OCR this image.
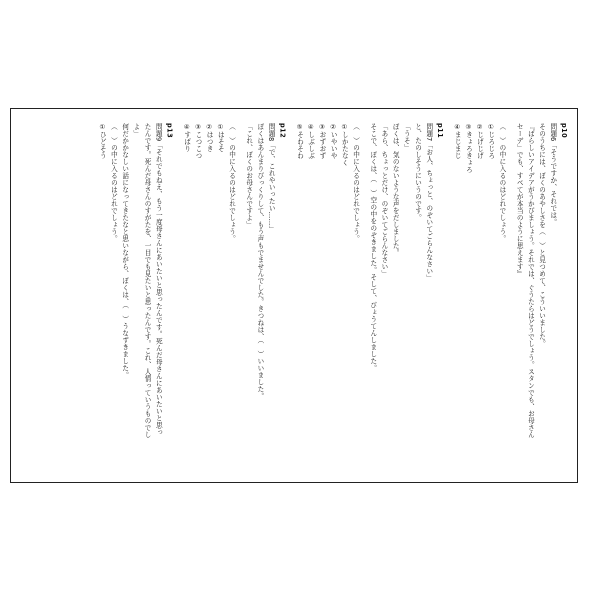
p10
問題6「そうですか、それでは。
そのうちには、ぼくのあやしさを（　）と見つめて、こういいました。
『ばらしいアイデアがうかびましょう。それでは、ぐうたらはどうでしょう。スタンでも、お母さん
セーデ」でも、すべてが本当のように思えます』
（　）の中に入るのはどれでしょう。
①じろじろ
②じげじげ
③きょろきょろ
④まじまじ
p11
問題7「お人、ちょっと、のぞいてごらんなさい」
と、たのしそうにいうのです。
「うそ」
ぼくは、気のないような声をだしました。
「あら、ちょっとだけ、のぞいてごらんなさい」
そこで、ぼくは、（　）空の中をのぞきました。そして、びょうてんしました。
（　）の中に入るのはどれでしょう。
①しかたなく
②いやいや
③おずおず
④しぶしぶ
⑤そわそわ
p12
問題8「で、これやいったい……」
ぼくはあんまりびっくりして、もう声もでませんでした。きつねは、（　）いいました。
「これ、ぼくのお母さんですよ」
（　）の中に入るのはどれでしょう。
①はそそ
②はつき
③こつこつ
④すばり
p13
問題9「それでもねえ、もう一度母さんにあいたいと思ったんです。死んだ母さんにあいたいと思っ
たんです。死んだ母さんのすがたを、一目でも見たいと思ったんです。これ、人情っていうものでし
よ」
何だかかなしい話になってきたなと思いながら、ぼくは、（　）うなずきました。
（　）の中に入るのはどれでしょう。
①ひどそう
